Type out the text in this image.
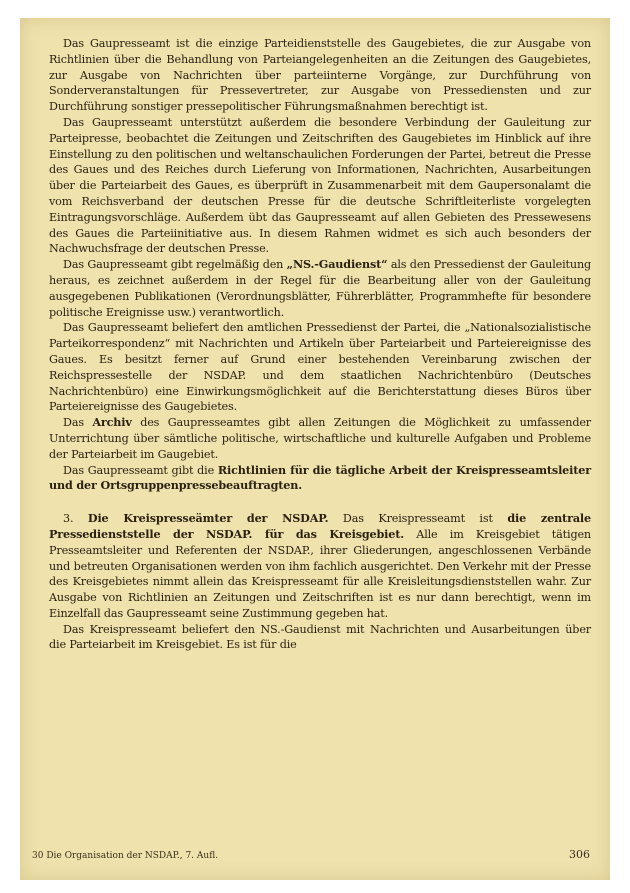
Das Gaupresseamt ist die einzige Parteidienststelle des Gaugebietes, die zur Ausgabe von Richtlinien über die Behandlung von Parteiangelegenheiten an die Zeitungen des Gaugebietes, zur Ausgabe von Nachrichten über parteiinterne Vorgänge, zur Durchführung von Sonderveranstaltungen für Pressevertreter, zur Ausgabe von Pressediensten und zur Durchführung sonstiger pressepolitischer Führungsmaßnahmen berechtigt ist.

Das Gaupresseamt unterstützt außerdem die besondere Verbindung der Gauleitung zur Parteipresse, beobachtet die Zeitungen und Zeitschriften des Gaugebietes im Hinblick auf ihre Einstellung zu den politischen und weltanschaulichen Forderungen der Partei, betreut die Presse des Gaues und des Reiches durch Lieferung von Informationen, Nachrichten, Ausarbeitungen über die Parteiarbeit des Gaues, es überprüft in Zusammenarbeit mit dem Gaupersonalamt die vom Reichsverband der deutschen Presse für die deutsche Schriftleiterliste vorgelegten Eintragungsvorschläge. Außerdem übt das Gaupresseamt auf allen Gebieten des Pressewesens des Gaues die Parteiinitiative aus. In diesem Rahmen widmet es sich auch besonders der Nachwuchsfrage der deutschen Presse.

Das Gaupresseamt gibt regelmäßig den „NS.-Gaudienst“ als den Pressedienst der Gauleitung heraus, es zeichnet außerdem in der Regel für die Bearbeitung aller von der Gauleitung ausgegebenen Publikationen (Verordnungsblätter, Führerblätter, Programmhefte für besondere politische Ereignisse usw.) verantwortlich.

Das Gaupresseamt beliefert den amtlichen Pressedienst der Partei, die „Nationalsozialistische Parteikorrespondenz“ mit Nachrichten und Artikeln über Parteiarbeit und Parteiereignisse des Gaues. Es besitzt ferner auf Grund einer bestehenden Vereinbarung zwischen der Reichspressestelle der NSDAP. und dem staatlichen Nachrichtenbüro (Deutsches Nachrichtenbüro) eine Einwirkungsmöglichkeit auf die Berichterstattung dieses Büros über Parteiereignisse des Gaugebietes.

Das Archiv des Gaupresseamtes gibt allen Zeitungen die Möglichkeit zu umfassender Unterrichtung über sämtliche politische, wirtschaftliche und kulturelle Aufgaben und Probleme der Parteiarbeit im Gaugebiet.

Das Gaupresseamt gibt die Richtlinien für die tägliche Arbeit der Kreispresseamtsleiter und der Ortsgruppenpressebeauftragten.

3. Die Kreispresseämter der NSDAP. Das Kreispresseamt ist die zentrale Pressedienststelle der NSDAP. für das Kreisgebiet. Alle im Kreisgebiet tätigen Presseamtsleiter und Referenten der NSDAP., ihrer Gliederungen, angeschlossenen Verbände und betreuten Organisationen werden von ihm fachlich ausgerichtet. Den Verkehr mit der Presse des Kreisgebietes nimmt allein das Kreispresseamt für alle Kreisleitungsdienststellen wahr. Zur Ausgabe von Richtlinien an Zeitungen und Zeitschriften ist es nur dann berechtigt, wenn im Einzelfall das Gaupresseamt seine Zustimmung gegeben hat.

Das Kreispresseamt beliefert den NS.-Gaudienst mit Nachrichten und Ausarbeitungen über die Parteiarbeit im Kreisgebiet. Es ist für die

30 Die Organisation der NSDAP., 7. Aufl.	306
